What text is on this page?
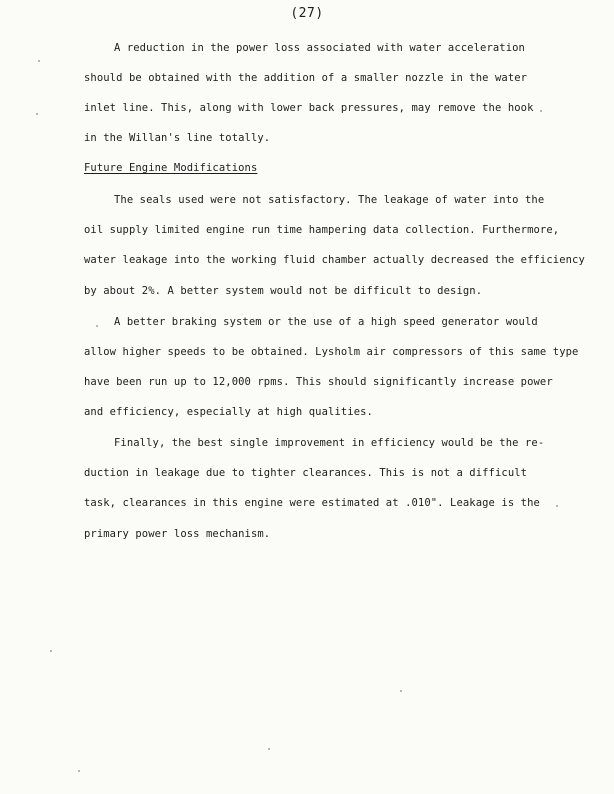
(27)
A reduction in the power loss associated with water acceleration
should be obtained with the addition of a smaller nozzle in the water
inlet line. This, along with lower back pressures, may remove the hook
in the Willan's line totally.
Future Engine Modifications
The seals used were not satisfactory. The leakage of water into the
oil supply limited engine run time hampering data collection. Furthermore,
water leakage into the working fluid chamber actually decreased the efficiency
by about 2%. A better system would not be difficult to design.
A better braking system or the use of a high speed generator would
allow higher speeds to be obtained. Lysholm air compressors of this same type
have been run up to 12,000 rpms. This should significantly increase power
and efficiency, especially at high qualities.
Finally, the best single improvement in efficiency would be the re-
duction in leakage due to tighter clearances. This is not a difficult
task, clearances in this engine were estimated at .010". Leakage is the
primary power loss mechanism.
